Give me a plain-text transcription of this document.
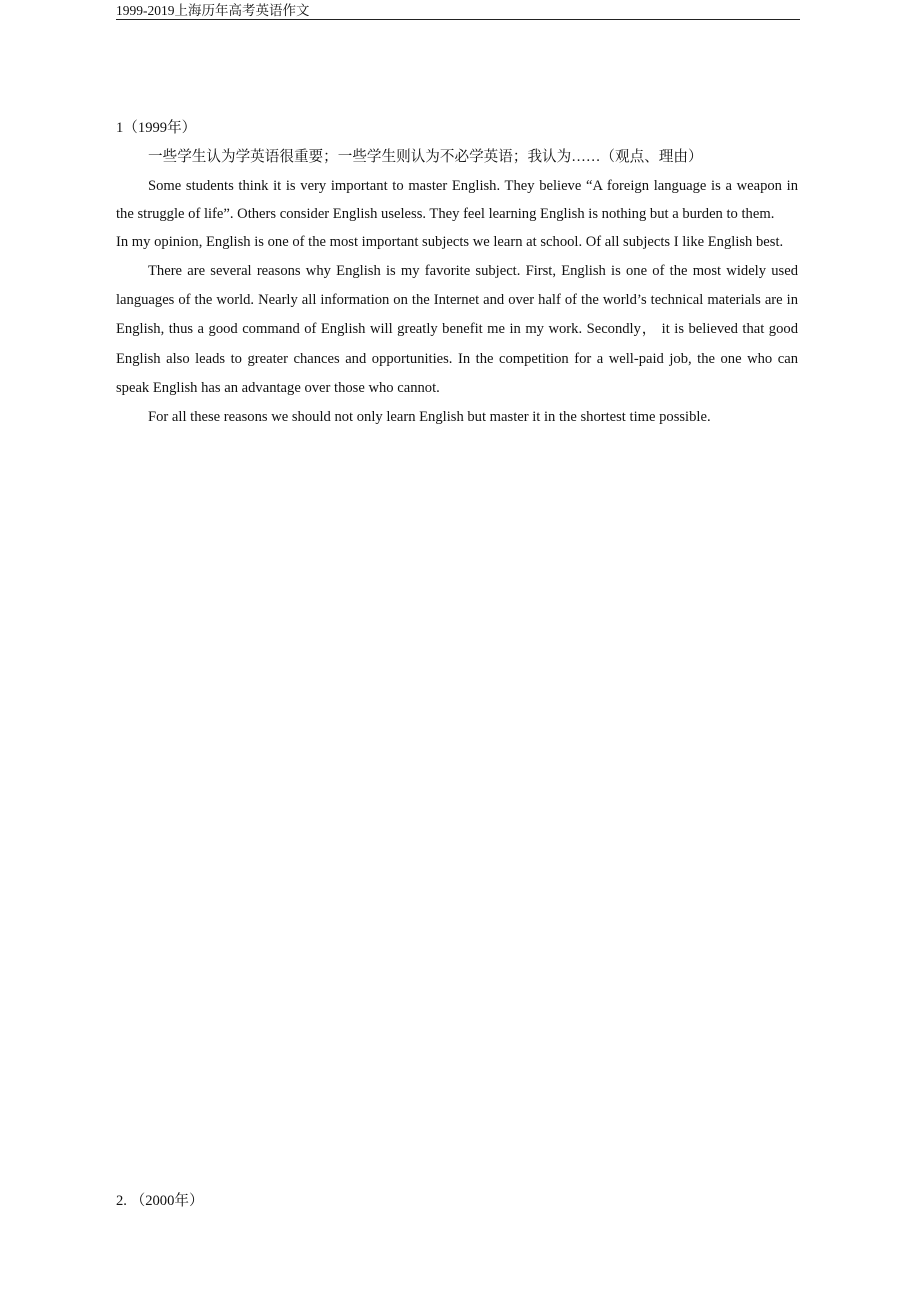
1999-2019上海历年高考英语作文
1（1999年）
一些学生认为学英语很重要；一些学生则认为不必学英语；我认为……（观点、理由）

Some students think it is very important to master English. They believe “A foreign language is a weapon in the struggle of life”. Others consider English useless. They feel learning English is nothing but a burden to them.

In my opinion, English is one of the most important subjects we learn at school. Of all subjects I like English best.

There are several reasons why English is my favorite subject. First, English is one of the most widely used languages of the world. Nearly all information on the Internet and over half of the world’s technical materials are in English, thus a good command of English will greatly benefit me in my work. Secondly， it is believed that good English also leads to greater chances and opportunities. In the competition for a well-paid job, the one who can speak English has an advantage over those who cannot.

For all these reasons we should not only learn English but master it in the shortest time possible.

2. （2000年）
